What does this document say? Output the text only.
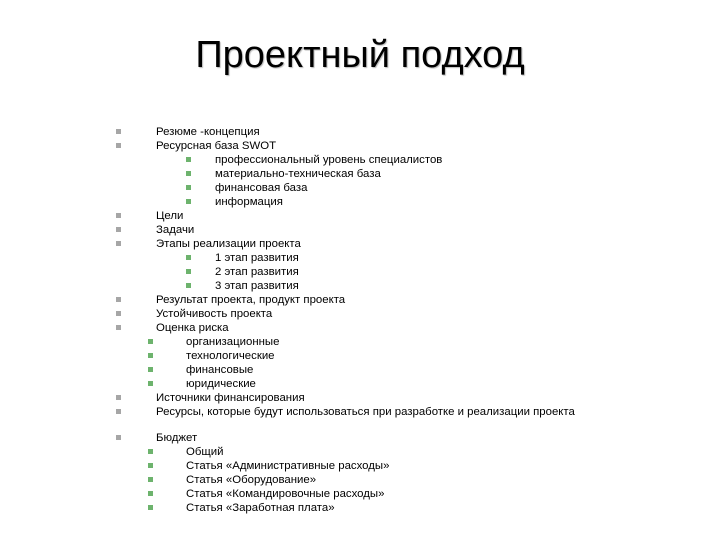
Проектный подход
Резюме -концепция
Ресурсная база SWOT
профессиональный уровень специалистов
материально-техническая база
финансовая база
информация
Цели
Задачи
Этапы реализации проекта
1 этап развития
2 этап развития
3 этап развития
Результат проекта, продукт проекта
Устойчивость проекта
Оценка риска
организационные
технологические
финансовые
юридические
Источники финансирования
Ресурсы, которые будут использоваться при разработке и реализации проекта
Бюджет
Общий
Статья «Административные расходы»
Статья «Оборудование»
Статья «Командировочные расходы»
Статья «Заработная плата»
